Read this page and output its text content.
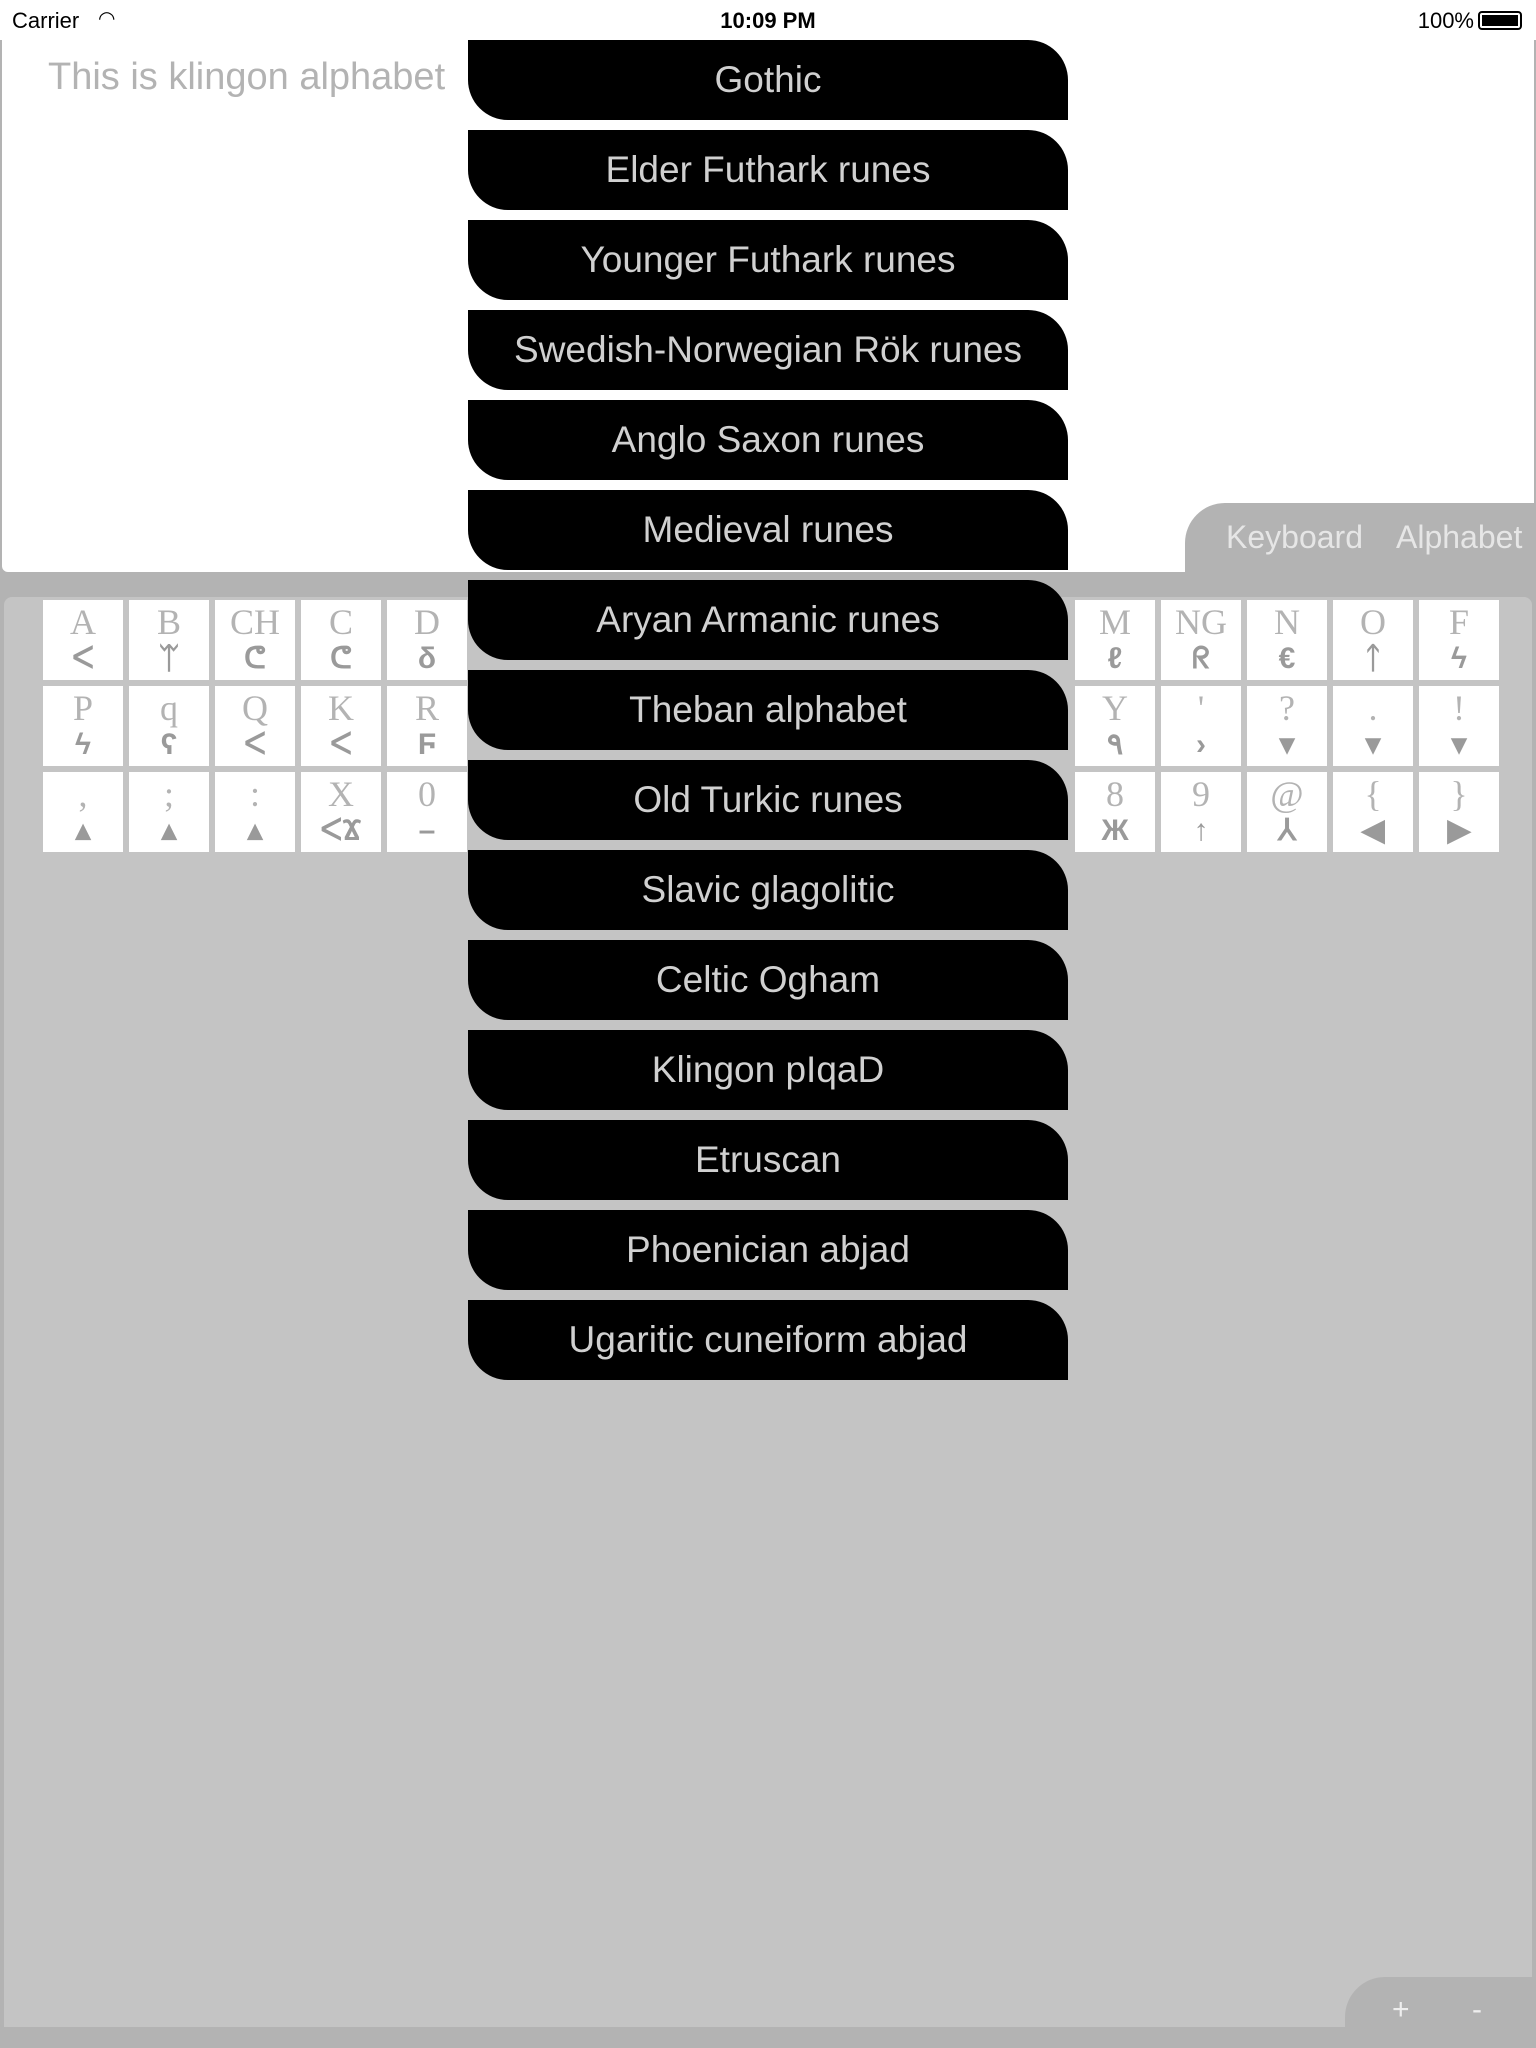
Carrier ◠	10:09 PM	100%
This is klingon alphabet
Keyboard Alphabet
A
ᐸ
B
ᛠ
CH
ᕦ
C
ᕦ
D
δ
P
ϟ
q
ʕ
Q
ᐸ
K
ᐸ
R
Ϝ
,
▴
;
▴
:
▴
X
ᐸϪ
0
–
M
ℓ
NG
ᖇ
N
€
O
ᛏ
F
ϟ
Y
٩
'
›
?
▾
.
▾
!
▾
8
Ж
9
↑
@
⅄
{
◀
}
▶
Gothic
Elder Futhark runes
Younger Futhark runes
Swedish-Norwegian Rök runes
Anglo Saxon runes
Medieval runes
Aryan Armanic runes
Theban alphabet
Old Turkic runes
Slavic glagolitic
Celtic Ogham
Klingon pIqaD
Etruscan
Phoenician abjad
Ugaritic cuneiform abjad
+ -
